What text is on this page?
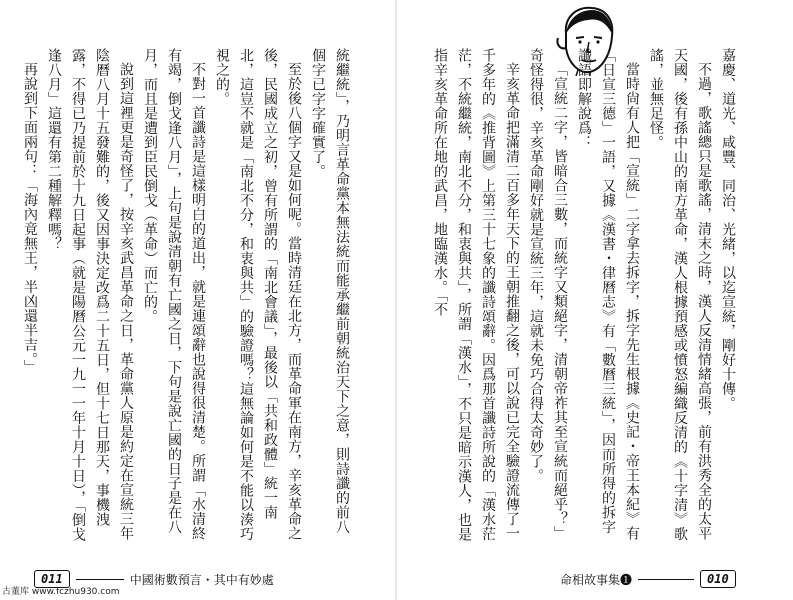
統繼統」，乃明言革命黨本無法統而能承繼前朝統治天下之意，則詩讖的前八個字已字字確實了。

至於後八個字又是如何呢。當時清廷在北方，而革命軍在南方，辛亥革命之後，民國成立之初，曾有所謂的「南北會議」，最後以「共和政體」統一南北，這豈不就是「南北不分，和衷與共」的驗證嗎？這無論如何是不能以湊巧視之的。

不對一首讖詩是這樣明白的道出，就是連頌辭也說得很清楚。所謂「水清終有竭，倒戈逢八月」，上句是說清朝有亡國之日，下句是說亡國的日子是在八月，而且是遭到臣民倒戈（革命）而亡的。

說到這裡更是奇怪了，按辛亥武昌革命之日，革命黨人原是約定在宣統三年陰曆八月十五發難的，後又因事決定改爲二十五日，但十七日那天，事機洩露，不得已乃提前於十九日起事（就是陽曆公元一九一一年十月十日），「倒戈逢八月」這還有第二種解釋嗎？

再說到下面兩句：「海內竟無王，半凶還半吉。」

011	中國術數預言・其中有妙處

嘉慶、道光、咸豐、同治、光緒，以迄宣統，剛好十傳。

不過，歌謠總只是歌謠，清末之時，漢人反清情緒高張，前有洪秀全的太平天國，後有孫中山的南方革命，漢人根據預感或憤怒編織反清的《十字清》歌謠，並無足怪。

當時尙有人把「宣統」二字拿去拆字，拆字先生根據《史記・帝王本紀》有「日宣三德」一語，又據《漢書・律曆志》有「數曆三統」，因而所得的拆字讖語即解說爲：

「宣統二字，皆暗合三數，而統字又類絕字，清朝帝祚其至宣統而絕乎？」奇怪得很，辛亥革命剛好就是宣統三年，這就未免巧合得太奇妙了。

辛亥革命把滿清二百多年天下的王朝推翻之後，可以說已完全驗證流傳了一千多年的《推背圖》上第三十七象的讖詩頌辭。因爲那首讖詩所說的「漢水茫茫，不統繼統，南北不分，和衷與共」，所謂「漢水」，不只是暗示漢人，也是指辛亥革命所在地的武昌，地臨漢水。「不

命相故事集❶	010
古董库 www.fczhu930.com
